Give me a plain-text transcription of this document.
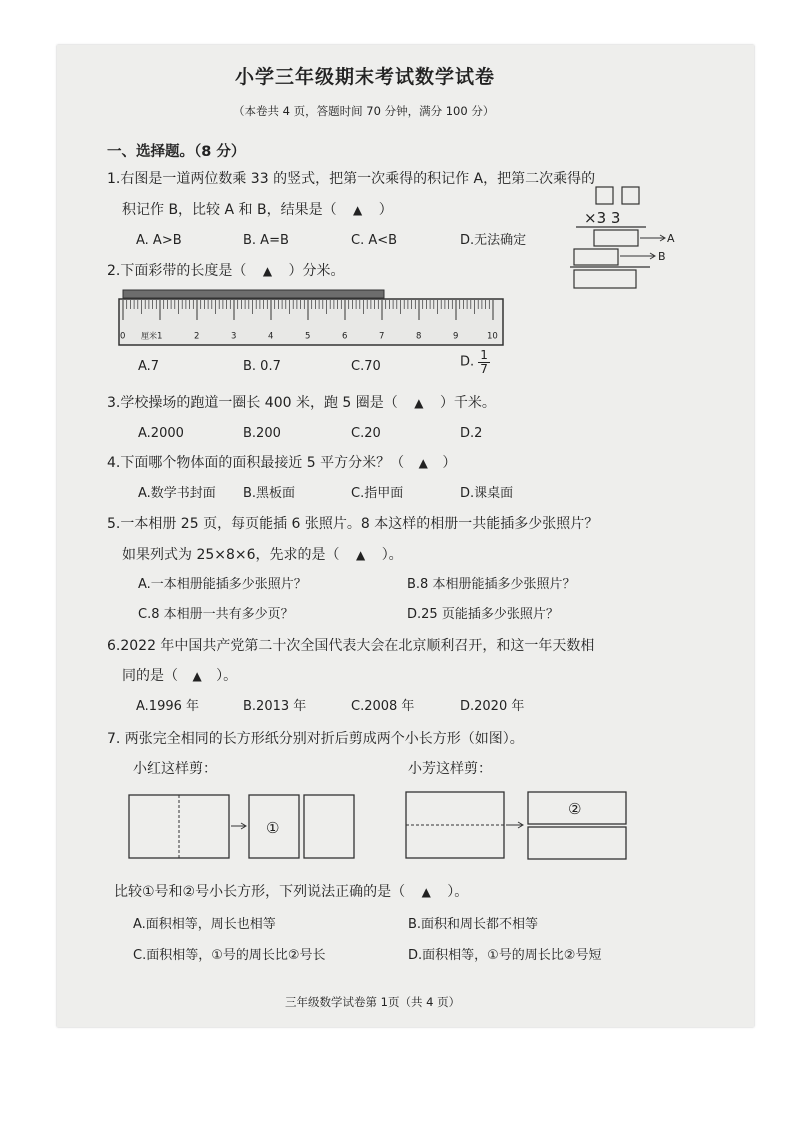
小学三年级期末考试数学试卷
（本卷共 4 页，答题时间 70 分钟，满分 100 分）
一、选择题。（8 分）
1.右图是一道两位数乘 33 的竖式，把第一次乘得的积记作 A，把第二次乘得的
积记作 B，比较 A 和 B，结果是（ ▲ ）
A. A>B	B. A=B	C. A<B	D.无法确定
×3 3
A
B
2.下面彩带的长度是（ ▲ ）分米。
0	1	2	3	4	5	6	7	8	9	10
厘米
A.7	B. 0.7	C.70	D. $\frac{1}{7}$
3.学校操场的跑道一圈长 400 米，跑 5 圈是（ ▲ ）千米。
A.2000	B.200	C.20	D.2
4.下面哪个物体面的面积最接近 5 平方分米？（ ▲ ）
A.数学书封面 B.黑板面	C.指甲面	D.课桌面
5.一本相册 25 页，每页能插 6 张照片。8 本这样的相册一共能插多少张照片？
如果列式为 25×8×6，先求的是（ ▲ ）。
A.一本相册能插多少张照片？	B.8 本相册能插多少张照片？
C.8 本相册一共有多少页？	D.25 页能插多少张照片？
6.2022 年中国共产党第二十次全国代表大会在北京顺利召开，和这一年天数相
同的是（ ▲ ）。
A.1996 年	B.2013 年	C.2008 年	D.2020 年
7. 两张完全相同的长方形纸分别对折后剪成两个小长方形（如图）。
小红这样剪：	小芳这样剪：
①
②
比较①号和②号小长方形，下列说法正确的是（ ▲ ）。
A.面积相等，周长也相等	B.面积和周长都不相等
C.面积相等，①号的周长比②号长	D.面积相等，①号的周长比②号短
三年级数学试卷第 1页（共 4 页）
